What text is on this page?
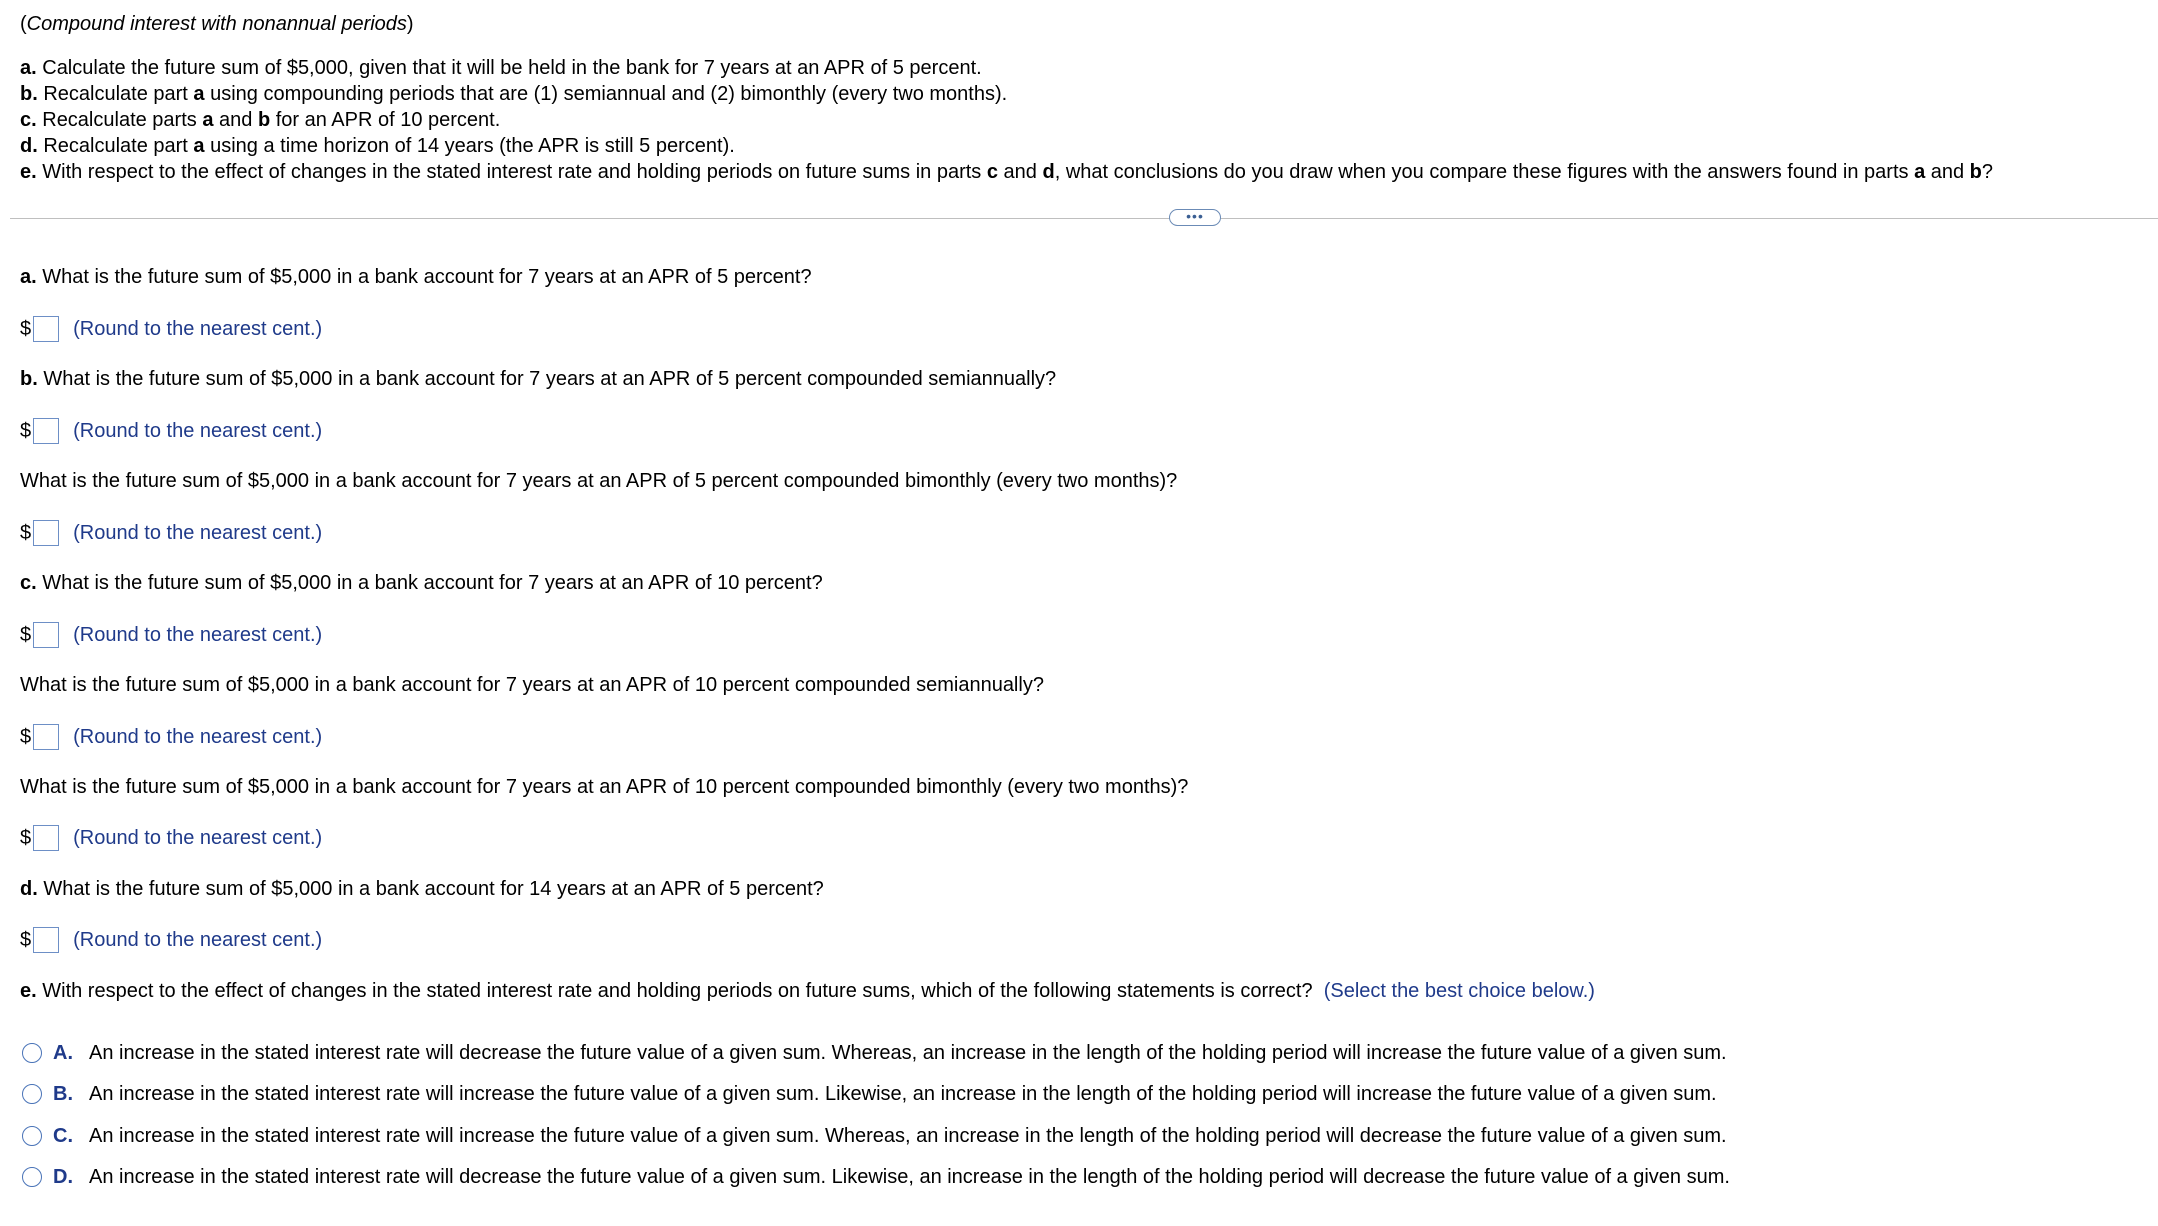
(Compound interest with nonannual periods)
a. Calculate the future sum of $5,000, given that it will be held in the bank for 7 years at an APR of 5 percent.
b. Recalculate part a using compounding periods that are (1) semiannual and (2) bimonthly (every two months).
c. Recalculate parts a and b for an APR of 10 percent.
d. Recalculate part a using a time horizon of 14 years (the APR is still 5 percent).
e. With respect to the effect of changes in the stated interest rate and holding periods on future sums in parts c and d, what conclusions do you draw when you compare these figures with the answers found in parts a and b?
•••
a. What is the future sum of $5,000 in a bank account for 7 years at an APR of 5 percent?
$ (Round to the nearest cent.)
b. What is the future sum of $5,000 in a bank account for 7 years at an APR of 5 percent compounded semiannually?
$ (Round to the nearest cent.)
What is the future sum of $5,000 in a bank account for 7 years at an APR of 5 percent compounded bimonthly (every two months)?
$ (Round to the nearest cent.)
c. What is the future sum of $5,000 in a bank account for 7 years at an APR of 10 percent?
$ (Round to the nearest cent.)
What is the future sum of $5,000 in a bank account for 7 years at an APR of 10 percent compounded semiannually?
$ (Round to the nearest cent.)
What is the future sum of $5,000 in a bank account for 7 years at an APR of 10 percent compounded bimonthly (every two months)?
$ (Round to the nearest cent.)
d. What is the future sum of $5,000 in a bank account for 14 years at an APR of 5 percent?
$ (Round to the nearest cent.)
e. With respect to the effect of changes in the stated interest rate and holding periods on future sums, which of the following statements is correct? (Select the best choice below.)
A. An increase in the stated interest rate will decrease the future value of a given sum. Whereas, an increase in the length of the holding period will increase the future value of a given sum.
B. An increase in the stated interest rate will increase the future value of a given sum. Likewise, an increase in the length of the holding period will increase the future value of a given sum.
C. An increase in the stated interest rate will increase the future value of a given sum. Whereas, an increase in the length of the holding period will decrease the future value of a given sum.
D. An increase in the stated interest rate will decrease the future value of a given sum. Likewise, an increase in the length of the holding period will decrease the future value of a given sum.
